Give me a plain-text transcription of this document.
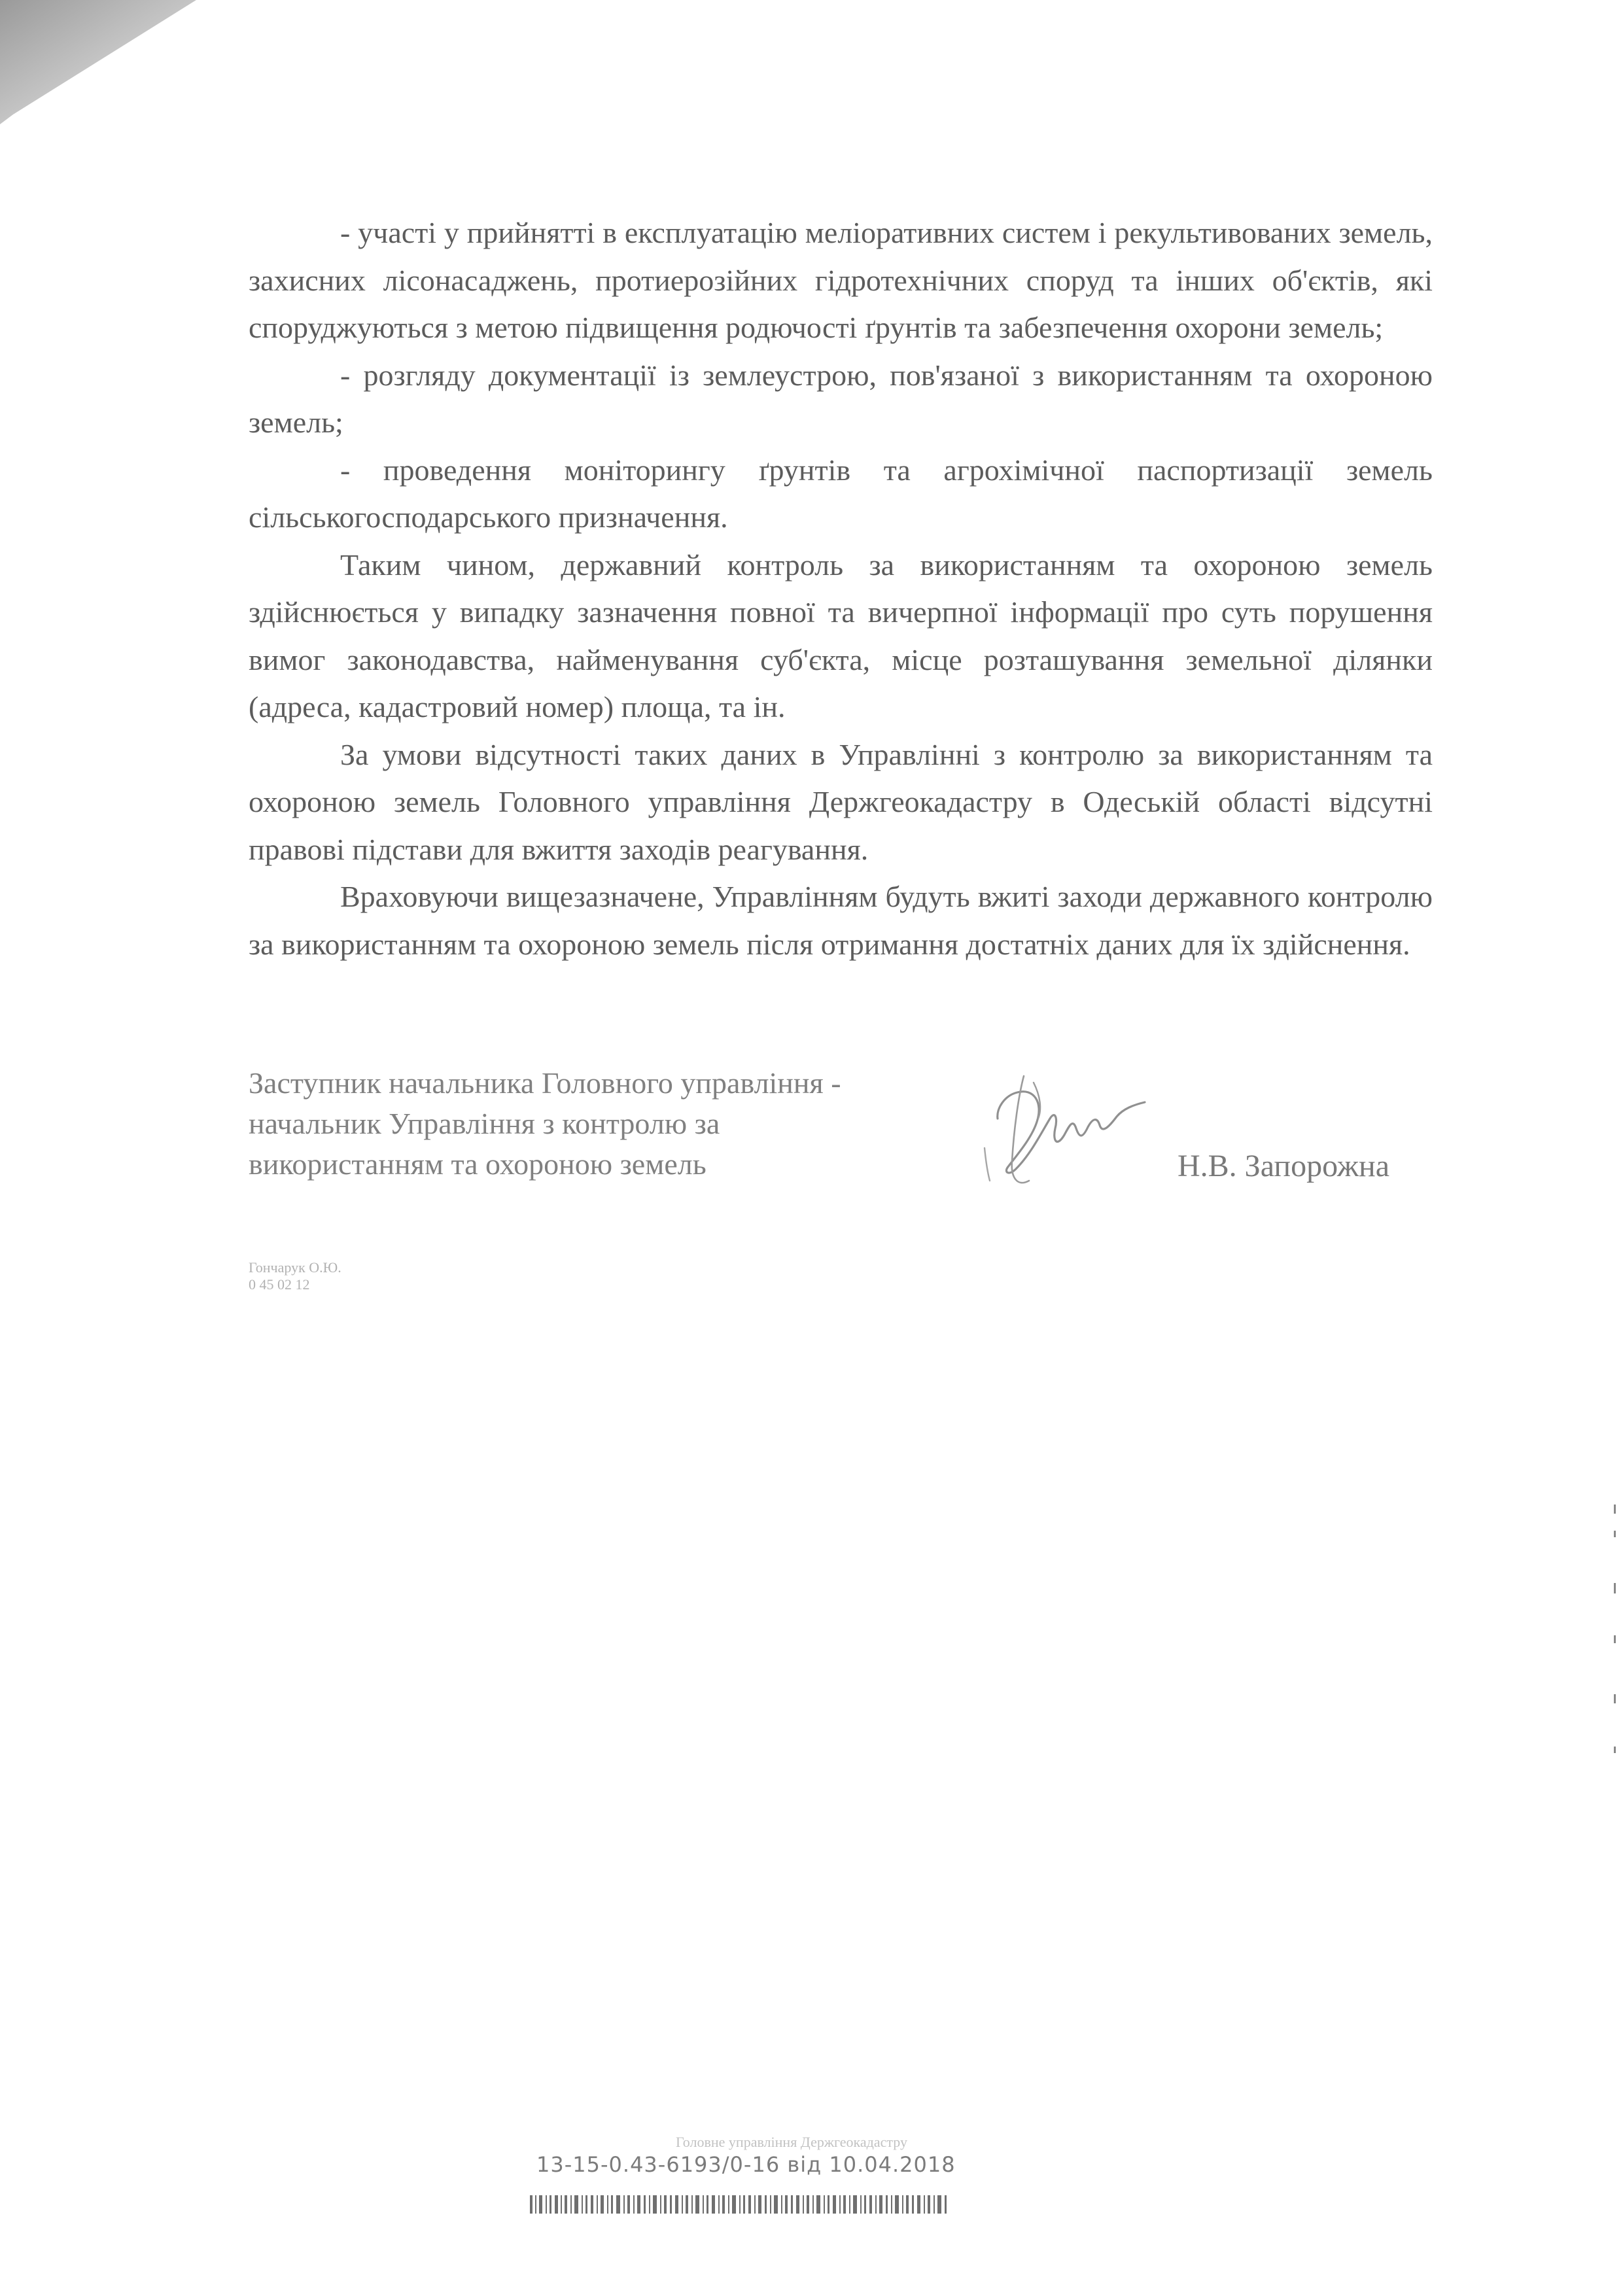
- участі у прийнятті в експлуатацію меліоративних систем і рекультивованих земель, захисних лісонасаджень, протиерозійних гідротехнічних споруд та інших об'єктів, які споруджуються з метою підвищення родючості ґрунтів та забезпечення охорони земель;

- розгляду документації із землеустрою, пов'язаної з використанням та охороною земель;

- проведення моніторингу ґрунтів та агрохімічної паспортизації земель сільськогосподарського призначення.

Таким чином, державний контроль за використанням та охороною земель здійснюється у випадку зазначення повної та вичерпної інформації про суть порушення вимог законодавства, найменування суб'єкта, місце розташування земельної ділянки (адреса, кадастровий номер) площа, та ін.

За умови відсутності таких даних в Управлінні з контролю за використанням та охороною земель Головного управління Держгеокадастру в Одеській області відсутні правові підстави для вжиття заходів реагування.

Враховуючи вищезазначене, Управлінням будуть вжиті заходи державного контролю за використанням та охороною земель після отримання достатніх даних для їх здійснення.

Заступник начальника Головного управління -
начальник Управління з контролю за
використанням та охороною земель	Н.В. Запорожна
Гончарук О.Ю.
0 45 02 12
Головне управління Держгеокадастру
13-15-0.43-6193/0-16 від 10.04.2018
